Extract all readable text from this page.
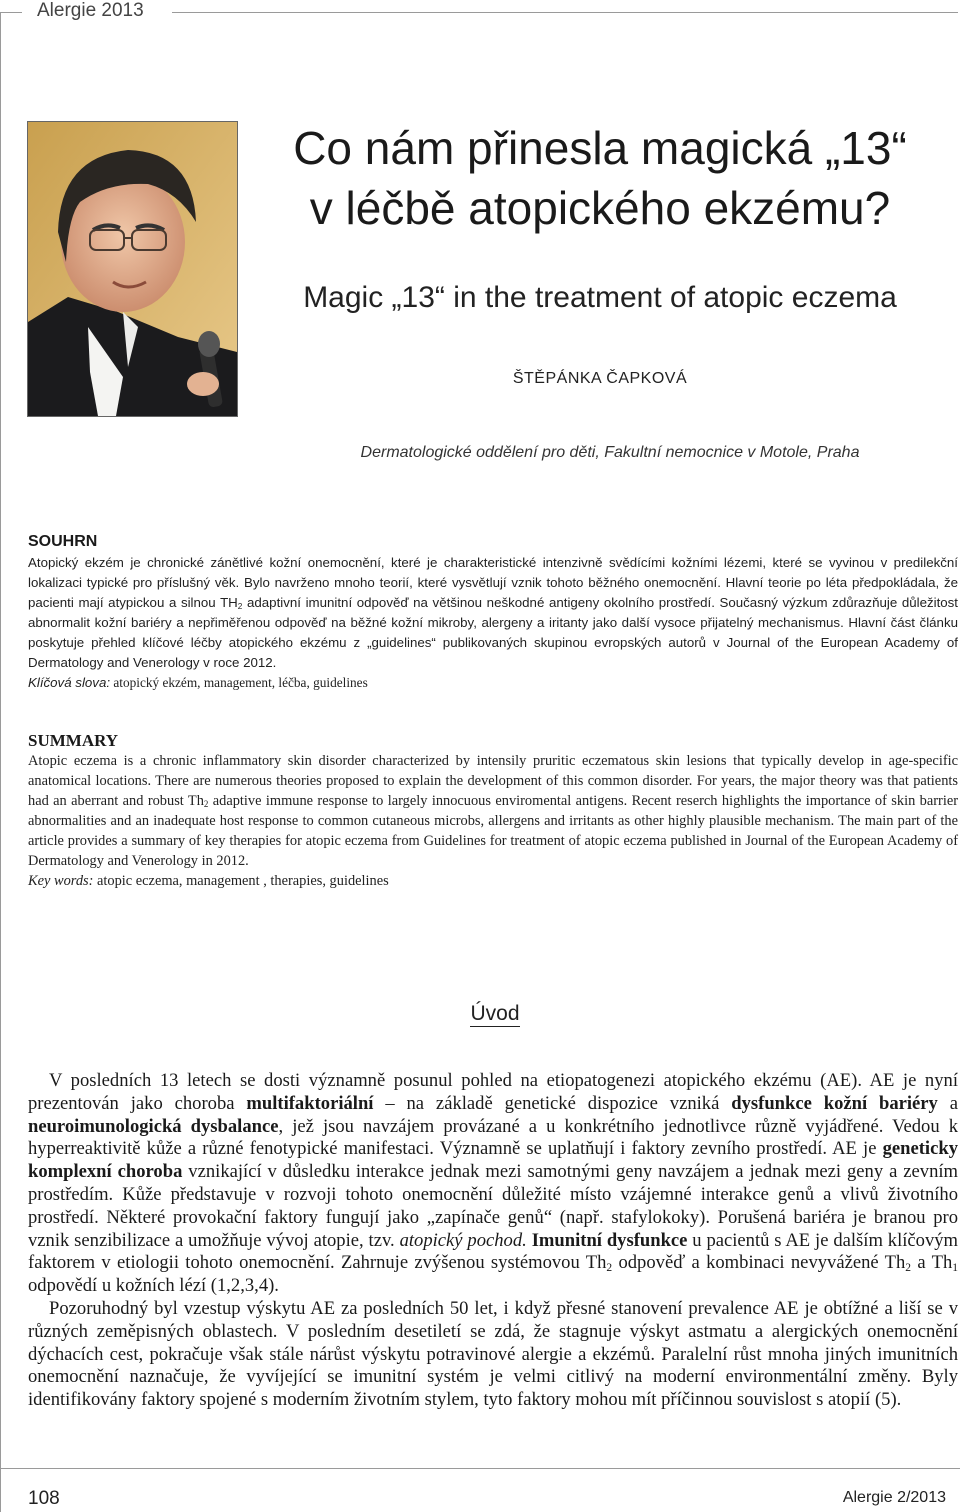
Alergie 2013
Co nám přinesla magická „13“
v léčbě atopického ekzému?
Magic „13“ in the treatment of atopic eczema
ŠTĚPÁNKA ČAPKOVÁ
Dermatologické oddělení pro děti, Fakultní nemocnice v Motole, Praha
SOUHRN

Atopický ekzém je chronické zánětlivé kožní onemocnění, které je charakteristické intenzivně svědícími kožními lézemi, které se vyvinou v predilekční lokalizaci typické pro příslušný věk. Bylo navrženo mnoho teorií, které vysvětlují vznik tohoto běžného onemocnění. Hlavní teorie po léta předpokládala, že pacienti mají atypickou a silnou $TH_2$ adaptivní imunitní odpověď na většinou neškodné antigeny okolního prostředí. Současný výzkum zdůrazňuje důležitost abnormalit kožní bariéry a nepřiměřenou odpověď na běžné kožní mikroby, alergeny a iritanty jako další vysoce přijatelný mechanismus. Hlavní část článku poskytuje přehled klíčové léčby atopického ekzému z „guidelines“ publikovaných skupinou evropských autorů v Journal of the European Academy of Dermatology and Venerology v roce 2012.
Klíčová slova: atopický ekzém, management, léčba, guidelines

SUMMARY

Atopic eczema is a chronic inflammatory skin disorder characterized by intensily pruritic eczematous skin lesions that typically develop in age-specific anatomical locations. There are numerous theories proposed to explain the development of this common disorder. For years, the major theory was that patients had an aberrant and robust $Th_2$ adaptive immune response to largely innocuous enviromental antigens. Recent reserch highlights the importance of skin barrier abnormalities and an inadequate host response to common cutaneous microbs, allergens and irritants as other highly plausible mechanism. The main part of the article provides a summary of key therapies for atopic eczema from Guidelines for treatment of atopic eczema published in Journal of the European Academy of Dermatology and Venerology in 2012.
Key words: atopic eczema, management , therapies, guidelines

Úvod

V posledních 13 letech se dosti významně posunul pohled na etiopatogenezi atopického ekzému (AE). AE je nyní prezentován jako choroba multifaktoriální – na základě genetické dispozice vzniká dysfunkce kožní bariéry a neuroimunologická dysbalance, jež jsou navzájem provázané a u konkrétního jednotlivce různě vyjádřené. Vedou k hyperreaktivitě kůže a různé fenotypické manifestaci. Významně se uplatňují i faktory zevního prostředí. AE je geneticky komplexní choroba vznikající v důsledku interakce jednak mezi samotnými geny navzájem a jednak mezi geny a zevním prostředím. Kůže představuje v rozvoji tohoto onemocnění důležité místo vzájemné interakce genů a vlivů životního prostředí. Některé provokační faktory fungují jako „zapínače genů“ (např. stafylokoky). Porušená bariéra je branou pro vznik senzibilizace a umožňuje vývoj atopie, tzv. atopický pochod. Imunitní dysfunkce u pacientů s AE je dalším klíčovým faktorem v etiologii tohoto onemocnění. Zahrnuje zvýšenou systémovou $Th_2$ odpověď a kombinaci nevyvážené $Th_2$ a $Th_1$ odpovědí u kožních lézí (1,2,3,4).

Pozoruhodný byl vzestup výskytu AE za posledních 50 let, i když přesné stanovení prevalence AE je obtížné a liší se v různých zeměpisných oblastech. V posledním desetiletí se zdá, že stagnuje výskyt astmatu a alergických onemocnění dýchacích cest, pokračuje však stále nárůst výskytu potravinové alergie a ekzémů. Paralelní růst mnoha jiných imunitních onemocnění naznačuje, že vyvíjející se imunitní systém je velmi citlivý na moderní environmentální změny. Byly identifikovány faktory spojené s moderním životním stylem, tyto faktory mohou mít příčinnou souvislost s atopií (5).

108	Alergie 2/2013
